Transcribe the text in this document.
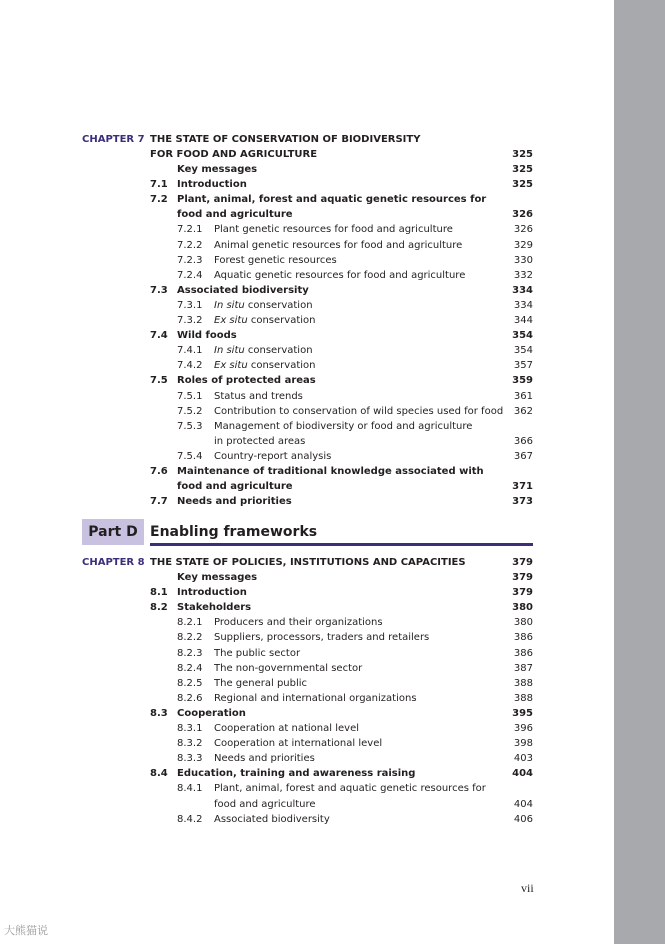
CHAPTER 7 THE STATE OF CONSERVATION OF BIODIVERSITY
FOR FOOD AND AGRICULTURE	325
Key messages	325
7.1 Introduction	325
7.2 Plant, animal, forest and aquatic genetic resources for
food and agriculture	326
7.2.1 Plant genetic resources for food and agriculture	326
7.2.2 Animal genetic resources for food and agriculture	329
7.2.3 Forest genetic resources	330
7.2.4 Aquatic genetic resources for food and agriculture	332
7.3 Associated biodiversity	334
7.3.1 In situ conservation	334
7.3.2 Ex situ conservation	344
7.4 Wild foods	354
7.4.1 In situ conservation	354
7.4.2 Ex situ conservation	357
7.5 Roles of protected areas	359
7.5.1 Status and trends	361
7.5.2 Contribution to conservation of wild species used for food 362
7.5.3 Management of biodiversity or food and agriculture
in protected areas	366
7.5.4 Country-report analysis	367
7.6 Maintenance of traditional knowledge associated with
food and agriculture	371
7.7 Needs and priorities	373
Part D Enabling frameworks
CHAPTER 8 THE STATE OF POLICIES, INSTITUTIONS AND CAPACITIES	379
Key messages	379
8.1 Introduction	379
8.2 Stakeholders	380
8.2.1 Producers and their organizations	380
8.2.2 Suppliers, processors, traders and retailers	386
8.2.3 The public sector	386
8.2.4 The non-governmental sector	387
8.2.5 The general public	388
8.2.6 Regional and international organizations	388
8.3 Cooperation	395
8.3.1 Cooperation at national level	396
8.3.2 Cooperation at international level	398
8.3.3 Needs and priorities	403
8.4 Education, training and awareness raising	404
8.4.1 Plant, animal, forest and aquatic genetic resources for
food and agriculture	404
8.4.2 Associated biodiversity	406
vii
大熊猫说
